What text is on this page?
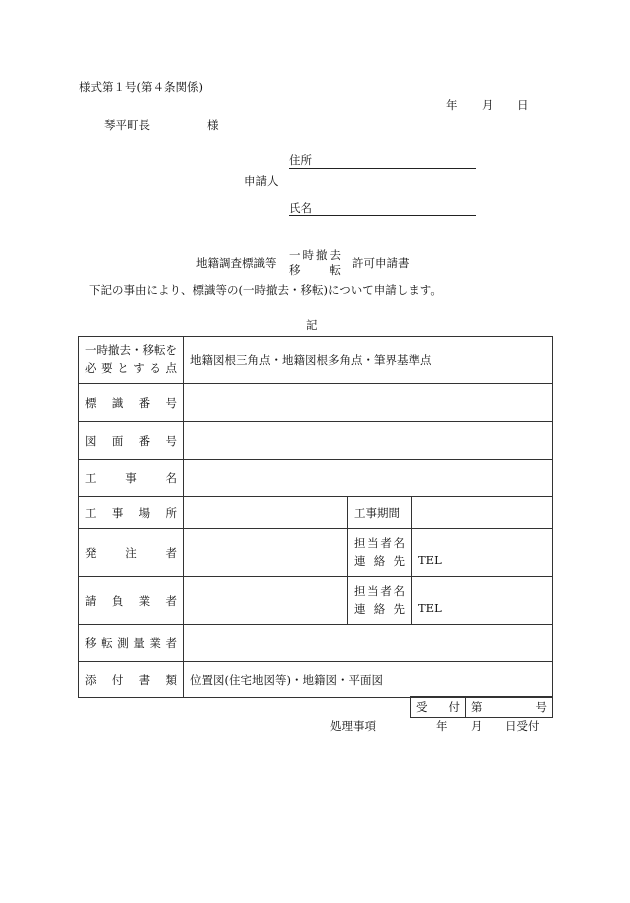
様式第１号(第４条関係)
年 月 日
琴平町長	様
住所
申請人
氏名
地籍調査標識等
一時撤去
移　転 許可申請書
下記の事由により、標識等の(一時撤去・移転)について申請します。
記
一時撤去・移転を
必要とする点	地籍図根三角点・地籍図根多角点・筆界基準点		
標識番号			
図面番号			
工事名			
工事場所		工事期間	
発注者		担当者名
連絡先	TEL
請負業者		担当者名
連絡先	TEL
移転測量業者			
添付書類	位置図(住宅地図等)・地籍図・平面図		
受　付	第	号
処理事項	年 月 日受付
